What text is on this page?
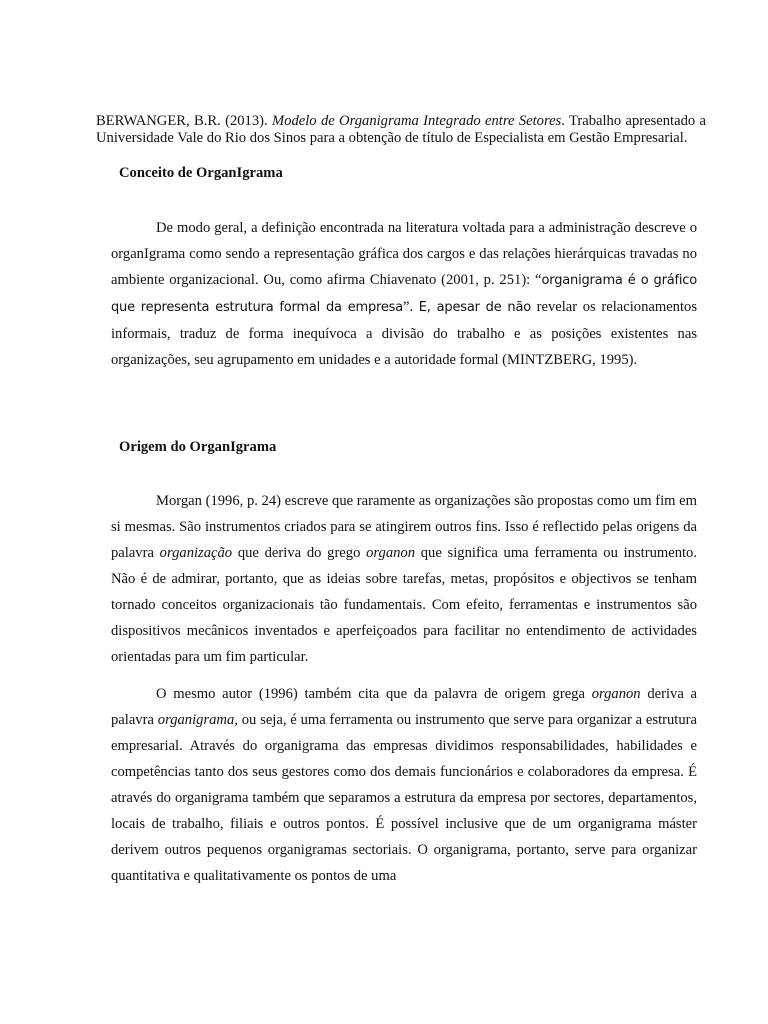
BERWANGER, B.R. (2013). Modelo de Organigrama Integrado entre Setores. Trabalho apresentado a Universidade Vale do Rio dos Sinos para a obtenção de título de Especialista em Gestão Empresarial.

Conceito de OrganIgrama

De modo geral, a definição encontrada na literatura voltada para a administração descreve o organIgrama como sendo a representação gráfica dos cargos e das relações hierárquicas travadas no ambiente organizacional. Ou, como afirma Chiavenato (2001, p. 251): “organigrama é o gráfico que representa estrutura formal da empresa”. E, apesar de não revelar os relacionamentos informais, traduz de forma inequívoca a divisão do trabalho e as posições existentes nas organizações, seu agrupamento em unidades e a autoridade formal (MINTZBERG, 1995).

Origem do OrganIgrama

Morgan (1996, p. 24) escreve que raramente as organizações são propostas como um fim em si mesmas. São instrumentos criados para se atingirem outros fins. Isso é reflectido pelas origens da palavra organização que deriva do grego organon que significa uma ferramenta ou instrumento. Não é de admirar, portanto, que as ideias sobre tarefas, metas, propósitos e objectivos se tenham tornado conceitos organizacionais tão fundamentais. Com efeito, ferramentas e instrumentos são dispositivos mecânicos inventados e aperfeiçoados para facilitar no entendimento de actividades orientadas para um fim particular.

O mesmo autor (1996) também cita que da palavra de origem grega organon deriva a palavra organigrama, ou seja, é uma ferramenta ou instrumento que serve para organizar a estrutura empresarial. Através do organigrama das empresas dividimos responsabilidades, habilidades e competências tanto dos seus gestores como dos demais funcionários e colaboradores da empresa. É através do organigrama também que separamos a estrutura da empresa por sectores, departamentos, locais de trabalho, filiais e outros pontos. É possível inclusive que de um organigrama máster derivem outros pequenos organigramas sectoriais. O organigrama, portanto, serve para organizar quantitativa e qualitativamente os pontos de uma
